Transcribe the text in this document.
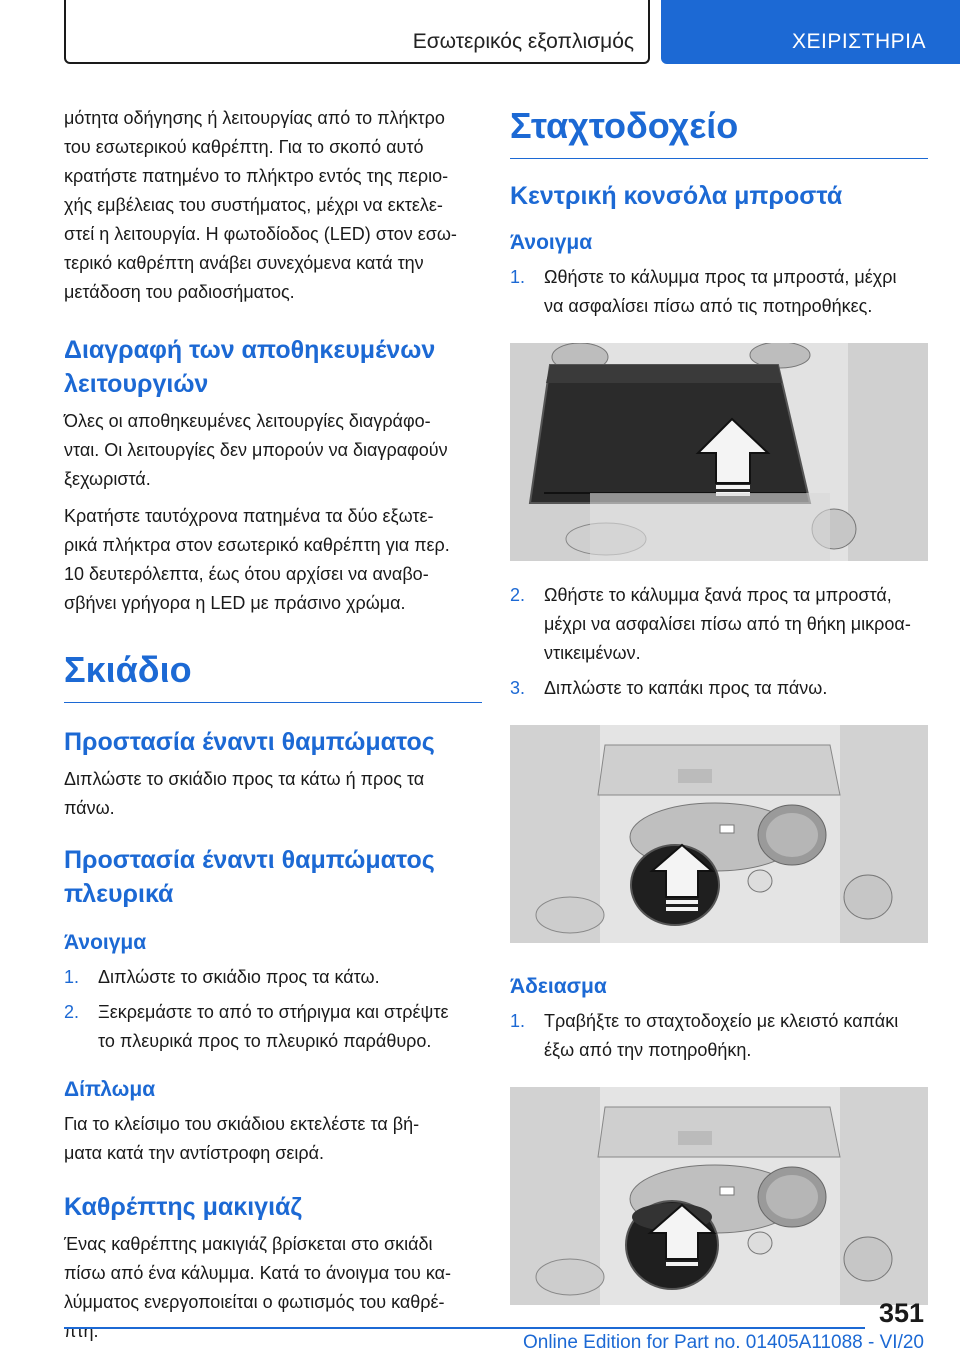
Εσωτερικός εξοπλισμός	ΧΕΙΡΙΣΤΗΡΙΑ
μότητα οδήγησης ή λειτουργίας από το πλήκτρο
του εσωτερικού καθρέπτη. Για το σκοπό αυτό
κρατήστε πατημένο το πλήκτρο εντός της περιο-
χής εμβέλειας του συστήματος, μέχρι να εκτελε-
στεί η λειτουργία. Η φωτοδίοδος (LED) στον εσω-
τερικό καθρέπτη ανάβει συνεχόμενα κατά την
μετάδοση του ραδιοσήματος.
Διαγραφή των αποθηκευμένων
λειτουργιών
Όλες οι αποθηκευμένες λειτουργίες διαγράφο-
νται. Οι λειτουργίες δεν μπορούν να διαγραφούν
ξεχωριστά.
Κρατήστε ταυτόχρονα πατημένα τα δύο εξωτε-
ρικά πλήκτρα στον εσωτερικό καθρέπτη για περ.
10 δευτερόλεπτα, έως ότου αρχίσει να αναβο-
σβήνει γρήγορα η LED με πράσινο χρώμα.
Σκιάδιο
Προστασία έναντι θαμπώματος
Διπλώστε το σκιάδιο προς τα κάτω ή προς τα
πάνω.
Προστασία έναντι θαμπώματος
πλευρικά
Άνοιγμα
1.	Διπλώστε το σκιάδιο προς τα κάτω.
2.	Ξεκρεμάστε το από το στήριγμα και στρέψτε
το πλευρικά προς το πλευρικό παράθυρο.
Δίπλωμα
Για το κλείσιμο του σκιάδιου εκτελέστε τα βή-
ματα κατά την αντίστροφη σειρά.
Καθρέπτης μακιγιάζ
Ένας καθρέπτης μακιγιάζ βρίσκεται στο σκιάδι
πίσω από ένα κάλυμμα. Κατά το άνοιγμα του κα-
λύμματος ενεργοποιείται ο φωτισμός του καθρέ-
πτη.
Σταχτοδοχείο
Κεντρική κονσόλα μπροστά
Άνοιγμα
1.	Ωθήστε το κάλυμμα προς τα μπροστά, μέχρι
να ασφαλίσει πίσω από τις ποτηροθήκες.
2.	Ωθήστε το κάλυμμα ξανά προς τα μπροστά,
μέχρι να ασφαλίσει πίσω από τη θήκη μικροα-
ντικειμένων.
3.	Διπλώστε το καπάκι προς τα πάνω.
Άδειασμα
1.	Τραβήξτε το σταχτοδοχείο με κλειστό καπάκι
έξω από την ποτηροθήκη.
351
Online Edition for Part no. 01405A11088 - VI/20
